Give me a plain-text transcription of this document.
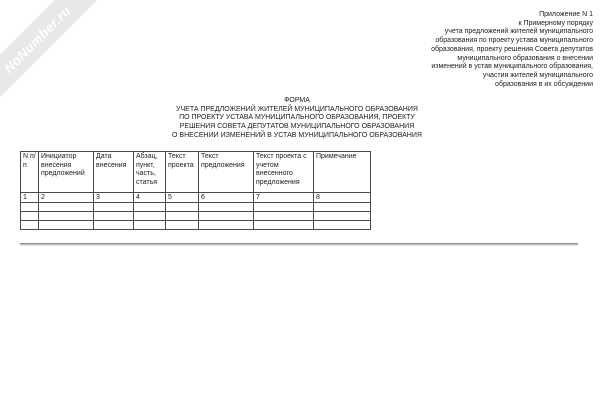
NoNumber.ru	Приложение N 1
к Примерному порядку
учета предложений жителей муниципального
образования по проекту устава муниципального
образования, проекту решения Совета депутатов
муниципального образования о внесении
изменений в устав муниципального образования,
участия жителей муниципального
образования в их обсуждении
ФОРМА
УЧЕТА ПРЕДЛОЖЕНИЙ ЖИТЕЛЕЙ МУНИЦИПАЛЬНОГО ОБРАЗОВАНИЯ
ПО ПРОЕКТУ УСТАВА МУНИЦИПАЛЬНОГО ОБРАЗОВАНИЯ, ПРОЕКТУ
РЕШЕНИЯ СОВЕТА ДЕПУТАТОВ МУНИЦИПАЛЬНОГО ОБРАЗОВАНИЯ
О ВНЕСЕНИИ ИЗМЕНЕНИЙ В УСТАВ МУНИЦИПАЛЬНОГО ОБРАЗОВАНИЯ
N п/п	Инициатор внесения предложений	Дата внесения	Абзац, пункт, часть, статья	Текст проекта	Текст предложения	Текст проекта с учетом внесенного предложения	Примечание
1	2	3	4	5	6	7	8
